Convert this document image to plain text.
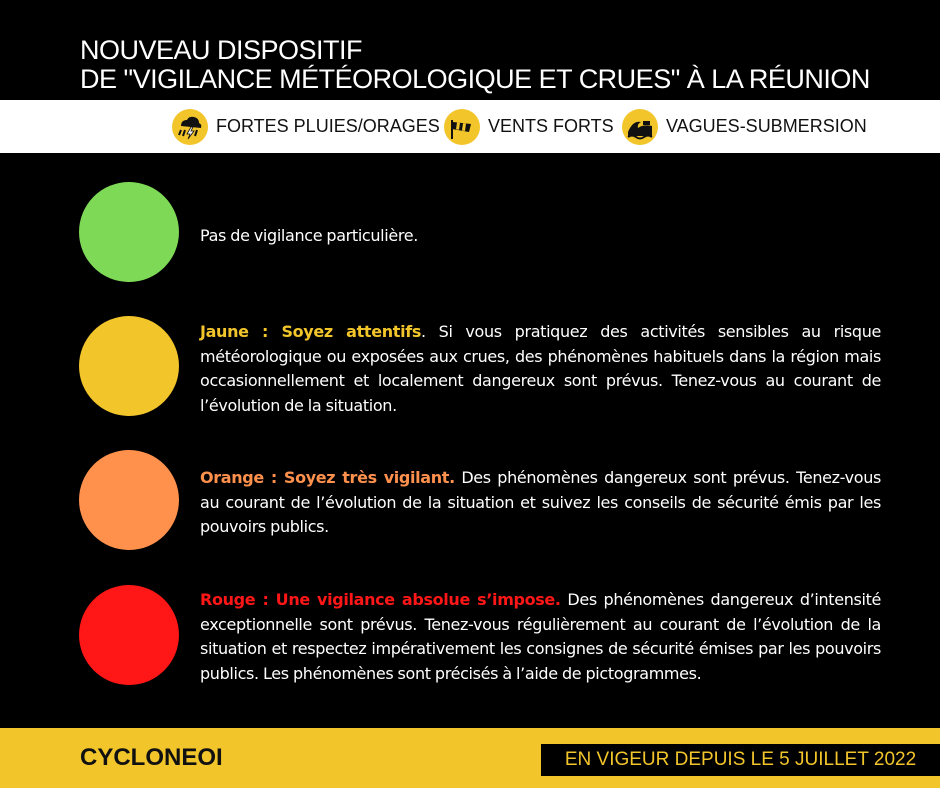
NOUVEAU DISPOSITIF
DE "VIGILANCE MÉTÉOROLOGIQUE ET CRUES" À LA RÉUNION
FORTES PLUIES/ORAGES	VENTS FORTS	VAGUES-SUBMERSION
Pas de vigilance particulière.
Jaune : Soyez attentifs. Si vous pratiquez des activités sensibles au risque météorologique ou exposées aux crues, des phénomènes habituels dans la région mais occasionnellement et localement dangereux sont prévus. Tenez-vous au courant de l’évolution de la situation.
Orange : Soyez très vigilant. Des phénomènes dangereux sont prévus. Tenez-vous au courant de l’évolution de la situation et suivez les conseils de sécurité émis par les pouvoirs publics.
Rouge : Une vigilance absolue s’impose. Des phénomènes dangereux d’intensité exceptionnelle sont prévus. Tenez-vous régulièrement au courant de l’évolution de la situation et respectez impérativement les consignes de sécurité émises par les pouvoirs publics. Les phénomènes sont précisés à l’aide de pictogrammes.
CYCLONEOI	EN VIGEUR DEPUIS LE 5 JUILLET 2022
